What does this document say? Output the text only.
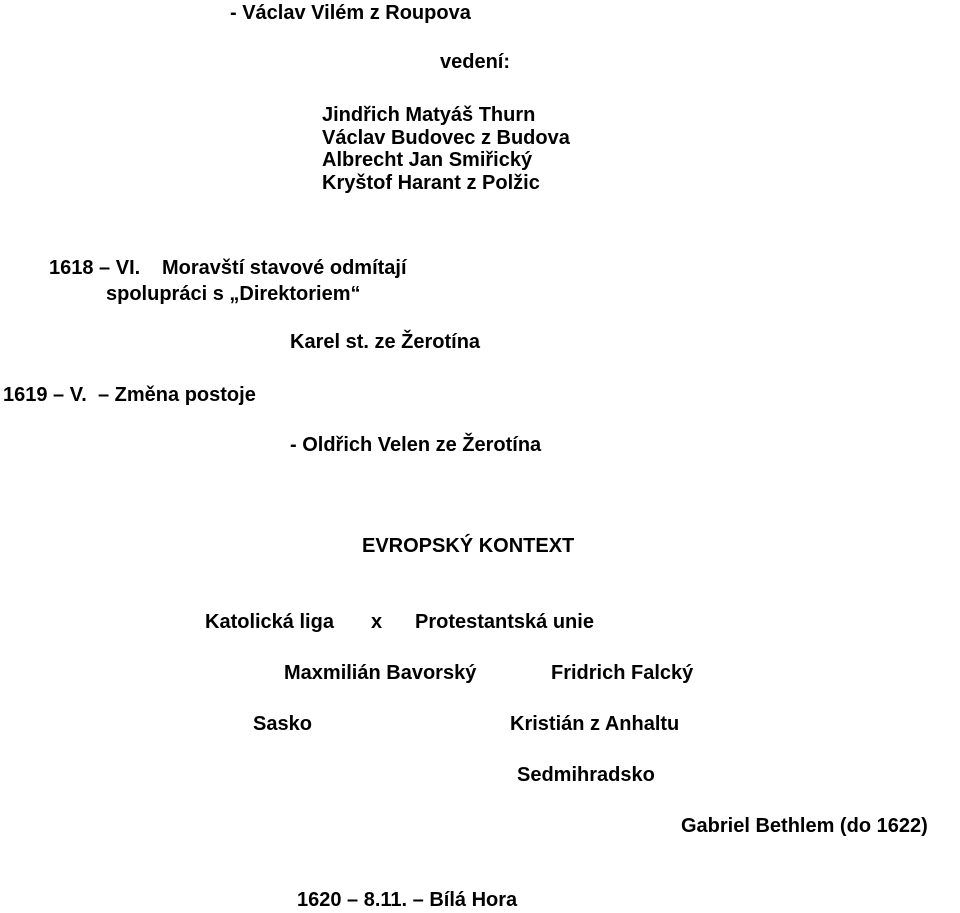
- Václav Vilém z Roupova
vedení:
Jindřich Matyáš Thurn
Václav Budovec z Budova
Albrecht Jan Smiřický
Kryštof Harant z Polžic
1618 – VI. Moravští stavové odmítají
spolupráci s „Direktoriem“
Karel st. ze Žerotína
1619 – V. – Změna postoje
- Oldřich Velen ze Žerotína
EVROPSKÝ KONTEXT
Katolická liga x Protestantská unie
Maxmilián Bavorský	Fridrich Falcký
Sasko	Kristián z Anhaltu
Sedmihradsko
Gabriel Bethlem (do 1622)
1620 – 8.11. – Bílá Hora
